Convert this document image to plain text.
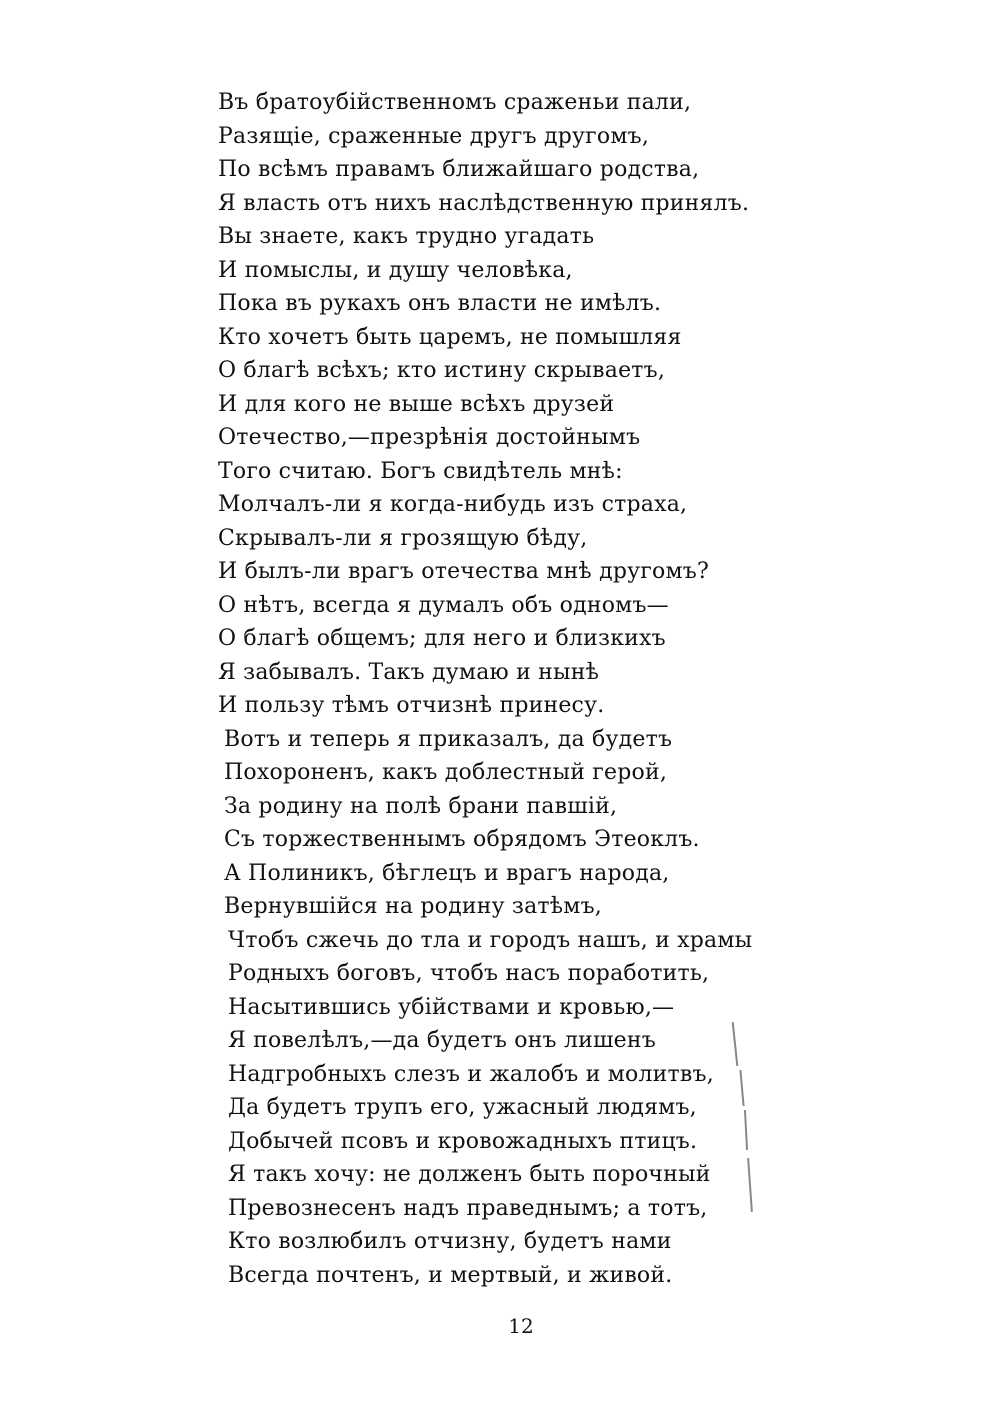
Въ братоубійственномъ сраженьи пали,
Разящіе, сраженные другъ другомъ,
По всѣмъ правамъ ближайшаго родства,
Я власть отъ нихъ наслѣдственную принялъ.
Вы знаете, какъ трудно угадать
И помыслы, и душу человѣка,
Пока въ рукахъ онъ власти не имѣлъ.
Кто хочетъ быть царемъ, не помышляя
О благѣ всѣхъ; кто истину скрываетъ,
И для кого не выше всѣхъ друзей
Отечество,—презрѣнія достойнымъ
Того считаю. Богъ свидѣтель мнѣ:
Молчалъ-ли я когда-нибудь изъ страха,
Скрывалъ-ли я грозящую бѣду,
И былъ-ли врагъ отечества мнѣ другомъ?
О нѣтъ, всегда я думалъ объ одномъ—
О благѣ общемъ; для него и близкихъ
Я забывалъ. Такъ думаю и нынѣ
И пользу тѣмъ отчизнѣ принесу.
Вотъ и теперь я приказалъ, да будетъ
Похороненъ, какъ доблестный герой,
За родину на полѣ брани павшій,
Съ торжественнымъ обрядомъ Этеоклъ.
А Полиникъ, бѣглецъ и врагъ народа,
Вернувшійся на родину затѣмъ,
Чтобъ сжечь до тла и городъ нашъ, и храмы
Родныхъ боговъ, чтобъ насъ поработить,
Насытившись убійствами и кровью,—
Я повелѣлъ,—да будетъ онъ лишенъ
Надгробныхъ слезъ и жалобъ и молитвъ,
Да будетъ трупъ его, ужасный людямъ,
Добычей псовъ и кровожадныхъ птицъ.
Я такъ хочу: не долженъ быть порочный
Превознесенъ надъ праведнымъ; а тотъ,
Кто возлюбилъ отчизну, будетъ нами
Всегда почтенъ, и мертвый, и живой.
12
